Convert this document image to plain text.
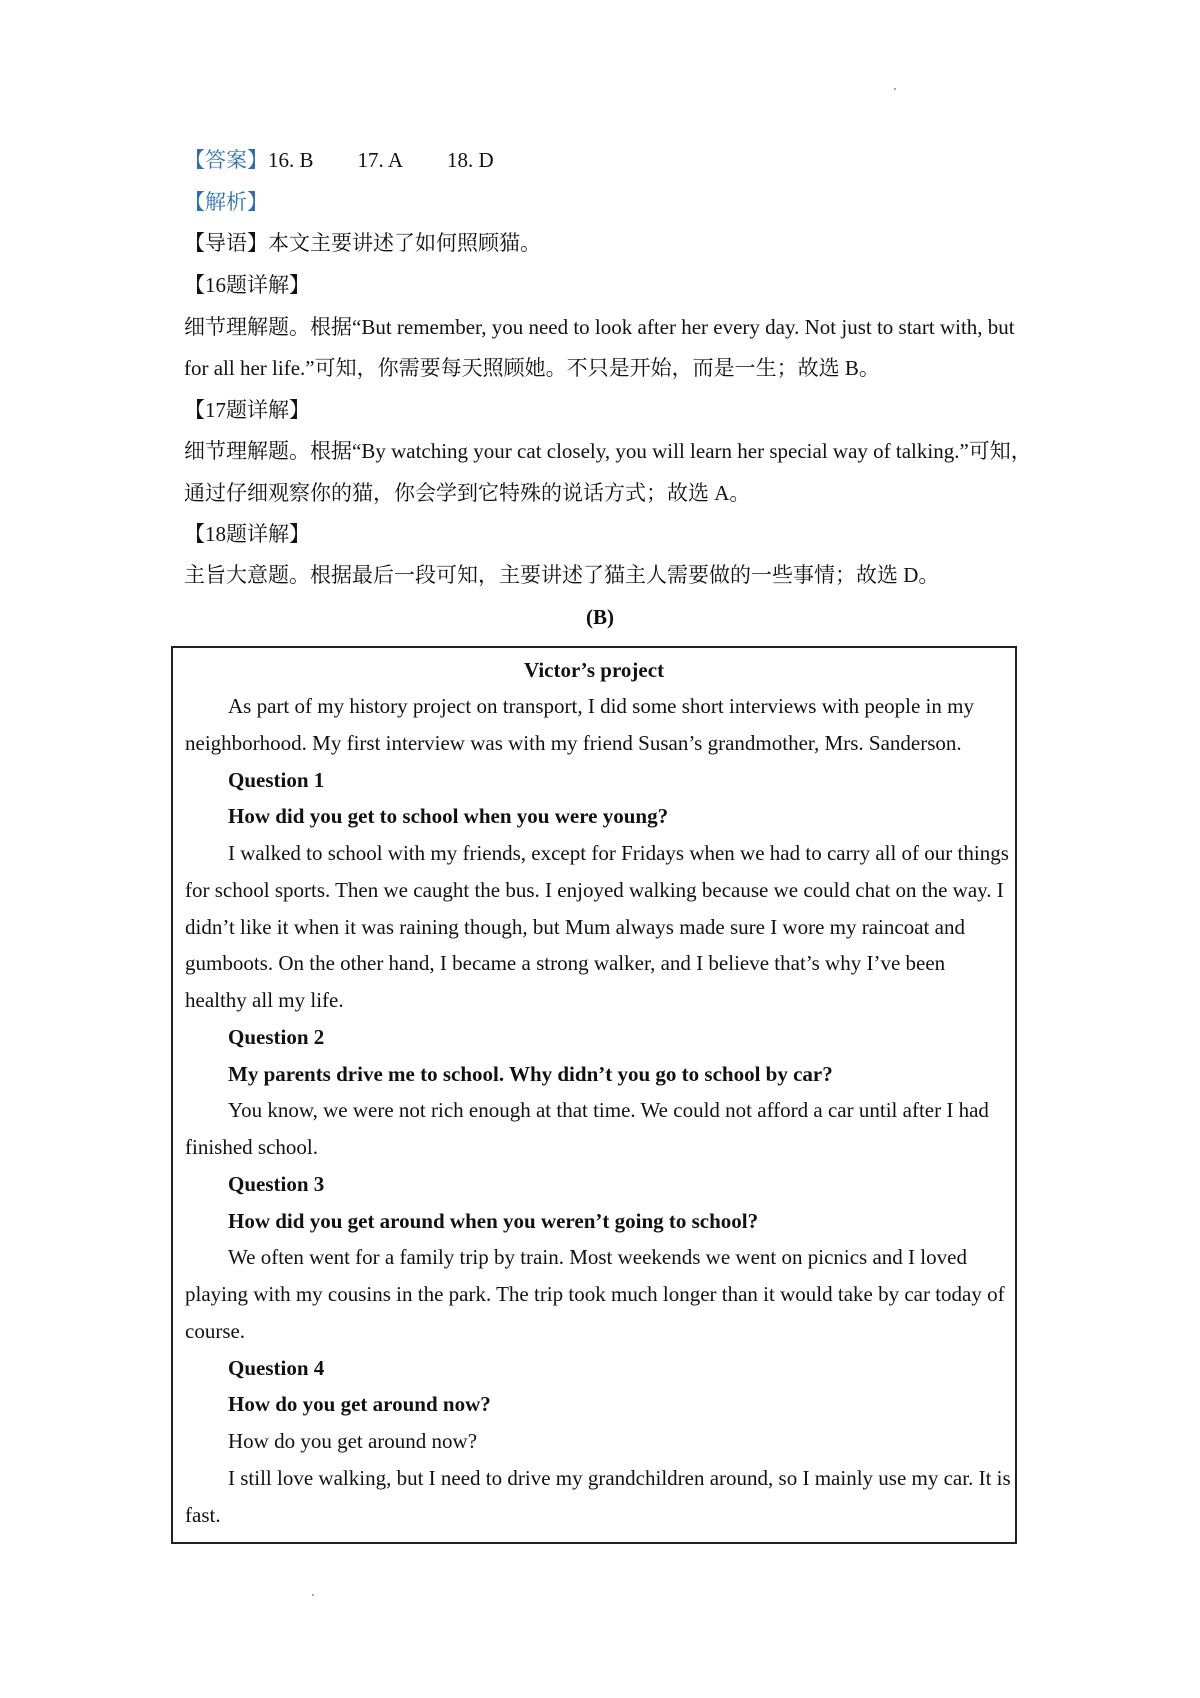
【答案】16. B 17. A 18. D
【解析】
【导语】本文主要讲述了如何照顾猫。
【16题详解】
细节理解题。根据“But remember, you need to look after her every day. Not just to start with, but
for all her life.”可知，你需要每天照顾她。不只是开始，而是一生；故选 B。
【17题详解】
细节理解题。根据“By watching your cat closely, you will learn her special way of talking.”可知，
通过仔细观察你的猫，你会学到它特殊的说话方式；故选 A。
【18题详解】
主旨大意题。根据最后一段可知，主要讲述了猫主人需要做的一些事情；故选 D。
(B)
Victor’s project
As part of my history project on transport, I did some short interviews with people in my
neighborhood. My first interview was with my friend Susan’s grandmother, Mrs. Sanderson.
Question 1
How did you get to school when you were young?
I walked to school with my friends, except for Fridays when we had to carry all of our things
for school sports. Then we caught the bus. I enjoyed walking because we could chat on the way. I
didn’t like it when it was raining though, but Mum always made sure I wore my raincoat and
gumboots. On the other hand, I became a strong walker, and I believe that’s why I’ve been
healthy all my life.
Question 2
My parents drive me to school. Why didn’t you go to school by car?
You know, we were not rich enough at that time. We could not afford a car until after I had
finished school.
Question 3
How did you get around when you weren’t going to school?
We often went for a family trip by train. Most weekends we went on picnics and I loved
playing with my cousins in the park. The trip took much longer than it would take by car today of
course.
Question 4
How do you get around now?
How do you get around now?
I still love walking, but I need to drive my grandchildren around, so I mainly use my car. It is
fast.
